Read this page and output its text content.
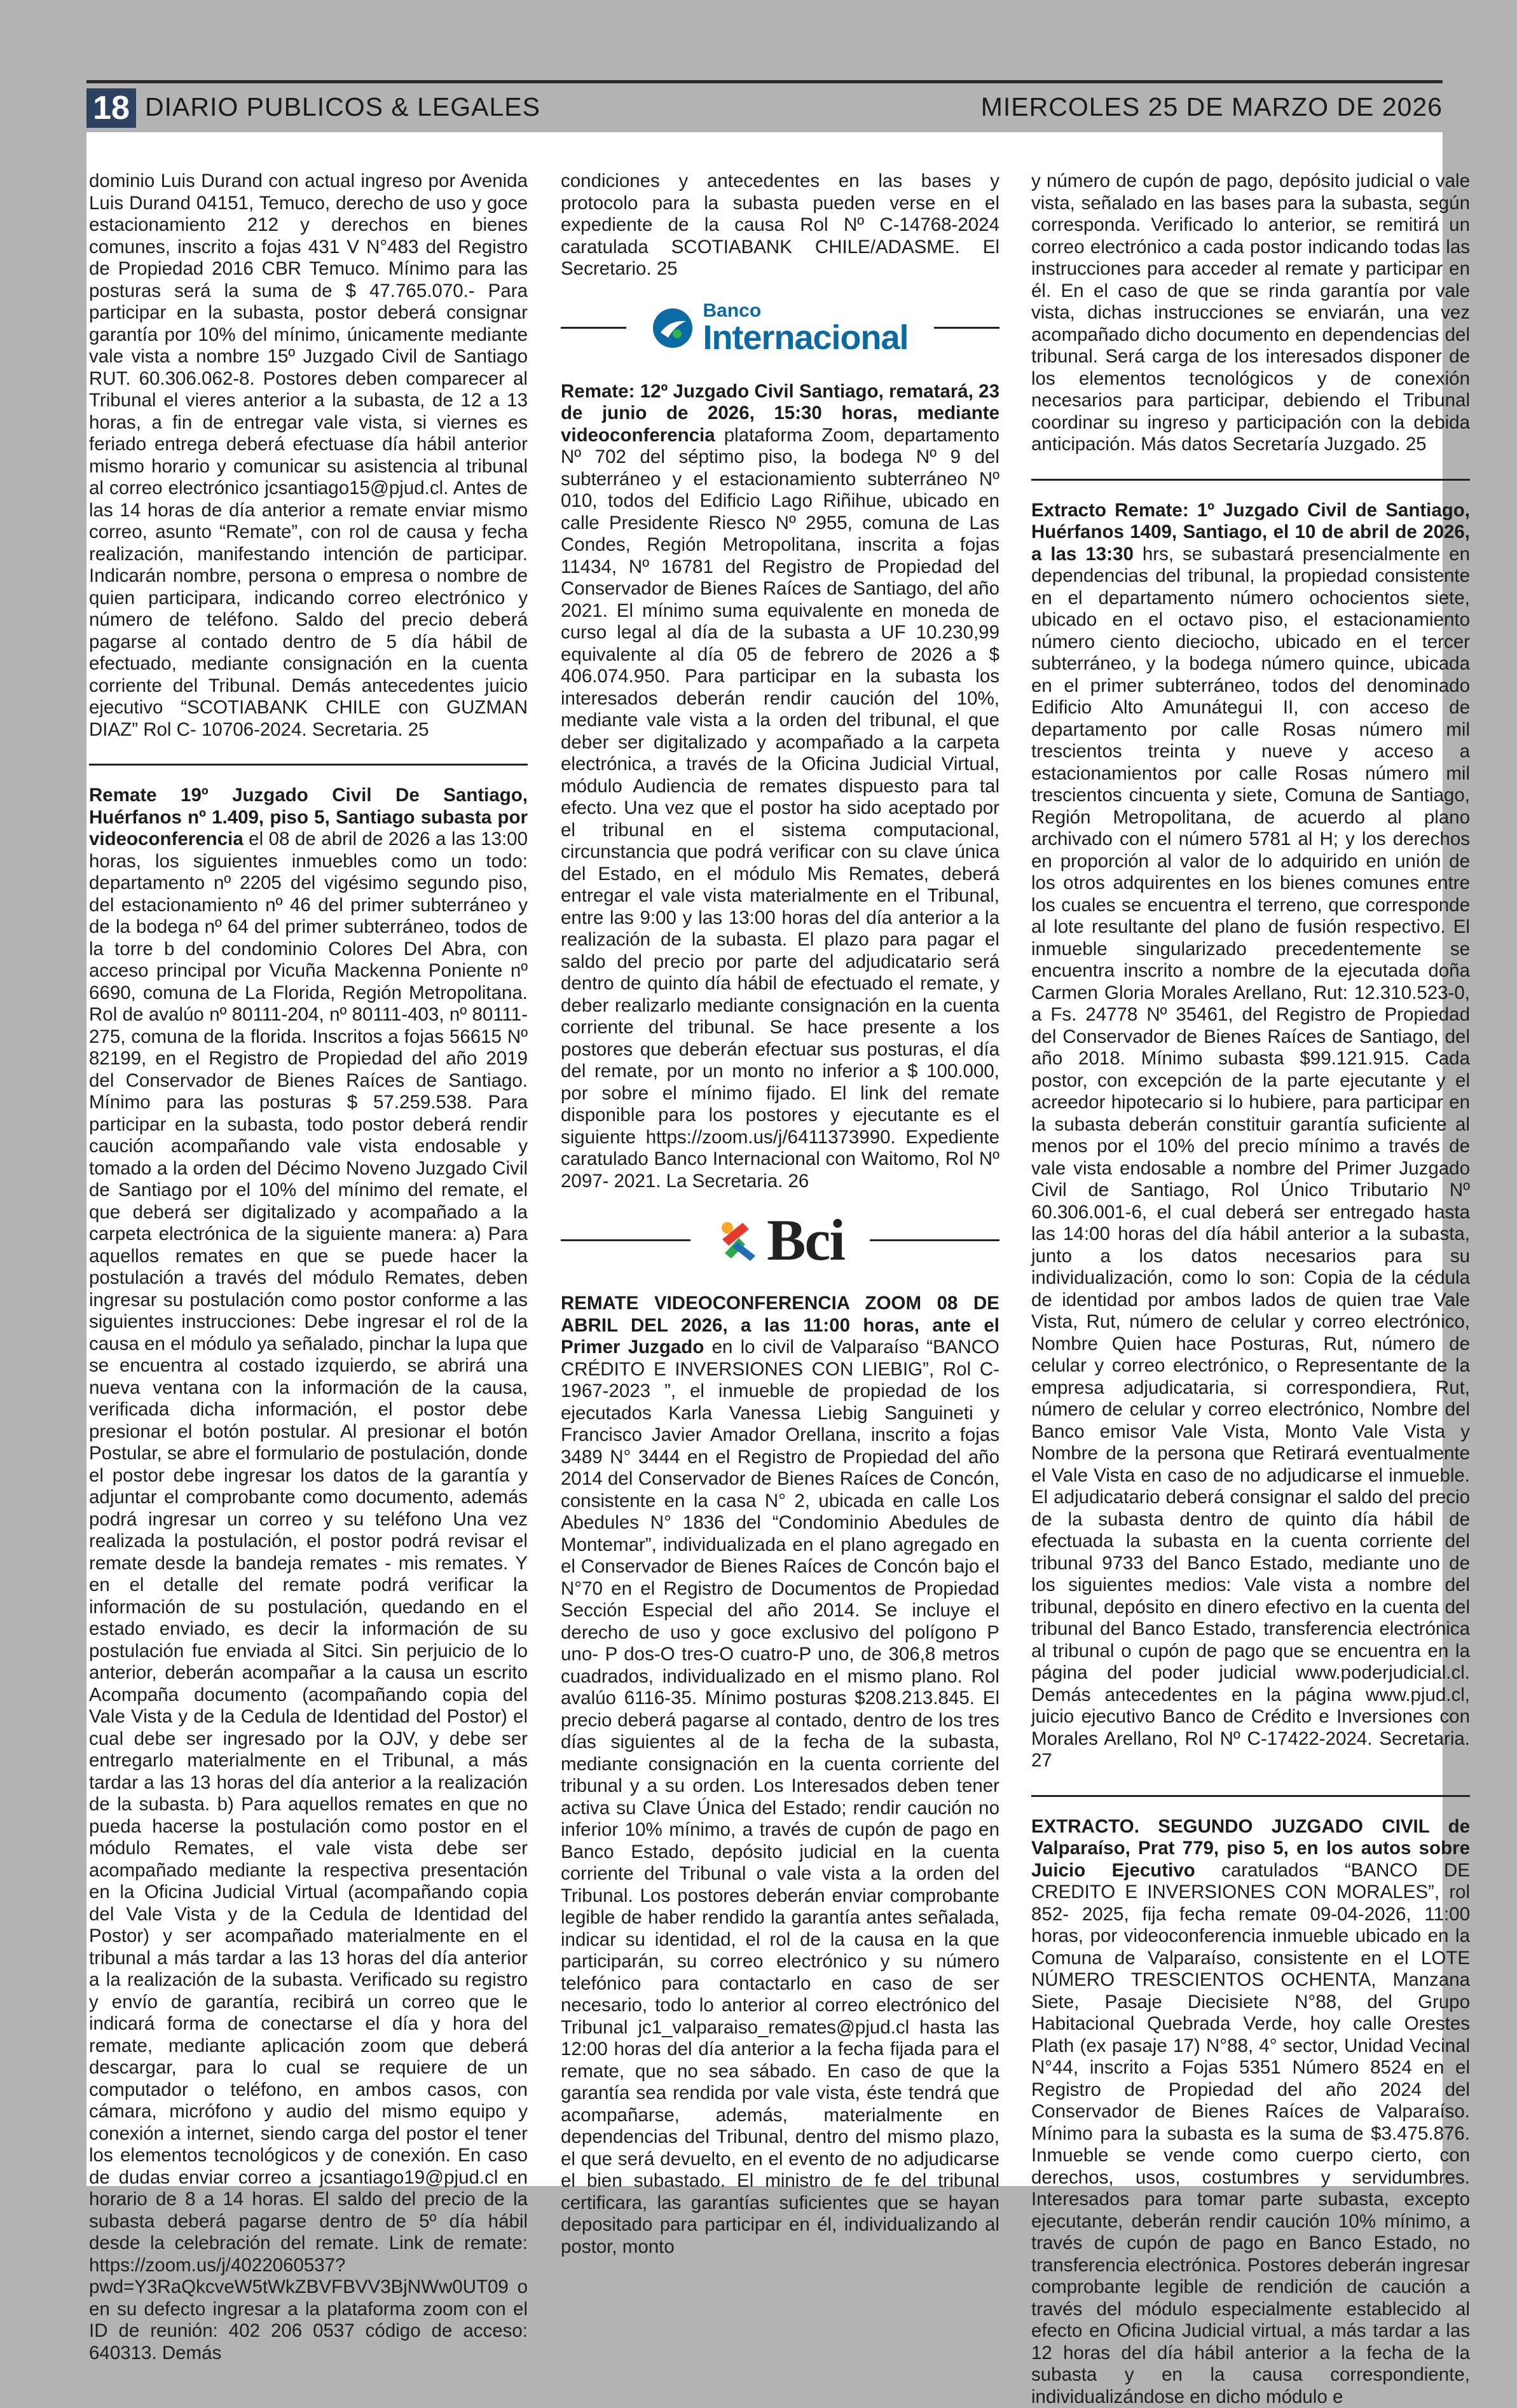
18 DIARIO PUBLICOS & LEGALES	MIERCOLES 25 DE MARZO DE 2026

dominio Luis Durand con actual ingreso por Avenida Luis Durand 04151, Temuco, derecho de uso y goce estacionamiento 212 y derechos en bienes comunes, inscrito a fojas 431 V N°483 del Registro de Propiedad 2016 CBR Temuco. Mínimo para las posturas será la suma de $ 47.765.070.- Para participar en la subasta, postor deberá consignar garantía por 10% del mínimo, únicamente mediante vale vista a nombre 15º Juzgado Civil de Santiago RUT. 60.306.062-8. Postores deben comparecer al Tribunal el vieres anterior a la subasta, de 12 a 13 horas, a fin de entregar vale vista, si viernes es feriado entrega deberá efectuase día hábil anterior mismo horario y comunicar su asistencia al tribunal al correo electrónico jcsantiago15@pjud.cl. Antes de las 14 horas de día anterior a remate enviar mismo correo, asunto “Remate”, con rol de causa y fecha realización, manifestando intención de participar. Indicarán nombre, persona o empresa o nombre de quien participara, indicando correo electrónico y número de teléfono. Saldo del precio deberá pagarse al contado dentro de 5 día hábil de efectuado, mediante consignación en la cuenta corriente del Tribunal. Demás antecedentes juicio ejecutivo “SCOTIABANK CHILE con GUZMAN DIAZ” Rol C- 10706-2024. Secretaria. 25

Remate 19º Juzgado Civil De Santiago, Huérfanos nº 1.409, piso 5, Santiago subasta por videoconferencia el 08 de abril de 2026 a las 13:00 horas, los siguientes inmuebles como un todo: departamento nº 2205 del vigésimo segundo piso, del estacionamiento nº 46 del primer subterráneo y de la bodega nº 64 del primer subterráneo, todos de la torre b del condominio Colores Del Abra, con acceso principal por Vicuña Mackenna Poniente nº 6690, comuna de La Florida, Región Metropolitana. Rol de avalúo nº 80111-204, nº 80111-403, nº 80111-275, comuna de la florida. Inscritos a fojas 56615 Nº 82199, en el Registro de Propiedad del año 2019 del Conservador de Bienes Raíces de Santiago. Mínimo para las posturas $ 57.259.538. Para participar en la subasta, todo postor deberá rendir caución acompañando vale vista endosable y tomado a la orden del Décimo Noveno Juzgado Civil de Santiago por el 10% del mínimo del remate, el que deberá ser digitalizado y acompañado a la carpeta electrónica de la siguiente manera: a) Para aquellos remates en que se puede hacer la postulación a través del módulo Remates, deben ingresar su postulación como postor conforme a las siguientes instrucciones: Debe ingresar el rol de la causa en el módulo ya señalado, pinchar la lupa que se encuentra al costado izquierdo, se abrirá una nueva ventana con la información de la causa, verificada dicha información, el postor debe presionar el botón postular. Al presionar el botón Postular, se abre el formulario de postulación, donde el postor debe ingresar los datos de la garantía y adjuntar el comprobante como documento, además podrá ingresar un correo y su teléfono Una vez realizada la postulación, el postor podrá revisar el remate desde la bandeja remates - mis remates. Y en el detalle del remate podrá verificar la información de su postulación, quedando en el estado enviado, es decir la información de su postulación fue enviada al Sitci. Sin perjuicio de lo anterior, deberán acompañar a la causa un escrito Acompaña documento (acompañando copia del Vale Vista y de la Cedula de Identidad del Postor) el cual debe ser ingresado por la OJV, y debe ser entregarlo materialmente en el Tribunal, a más tardar a las 13 horas del día anterior a la realización de la subasta. b) Para aquellos remates en que no pueda hacerse la postulación como postor en el módulo Remates, el vale vista debe ser acompañado mediante la respectiva presentación en la Oficina Judicial Virtual (acompañando copia del Vale Vista y de la Cedula de Identidad del Postor) y ser acompañado materialmente en el tribunal a más tardar a las 13 horas del día anterior a la realización de la subasta. Verificado su registro y envío de garantía, recibirá un correo que le indicará forma de conectarse el día y hora del remate, mediante aplicación zoom que deberá descargar, para lo cual se requiere de un computador o teléfono, en ambos casos, con cámara, micrófono y audio del mismo equipo y conexión a internet, siendo carga del postor el tener los elementos tecnológicos y de conexión. En caso de dudas enviar correo a jcsantiago19@pjud.cl en horario de 8 a 14 horas. El saldo del precio de la subasta deberá pagarse dentro de 5º día hábil desde la celebración del remate. Link de remate: https://zoom.us/j/4022060537?pwd=Y3RaQkcveW5tWkZBVFBVV3BjNWw0UT09 o en su defecto ingresar a la plataforma zoom con el ID de reunión: 402 206 0537 código de acceso: 640313. Demás

condiciones y antecedentes en las bases y protocolo para la subasta pueden verse en el expediente de la causa Rol Nº C-14768-2024 caratulada SCOTIABANK CHILE/ADASME. El Secretario. 25

Banco
Internacional

Remate: 12º Juzgado Civil Santiago, rematará, 23 de junio de 2026, 15:30 horas, mediante videoconferencia plataforma Zoom, departamento Nº 702 del séptimo piso, la bodega Nº 9 del subterráneo y el estacionamiento subterráneo Nº 010, todos del Edificio Lago Riñihue, ubicado en calle Presidente Riesco Nº 2955, comuna de Las Condes, Región Metropolitana, inscrita a fojas 11434, Nº 16781 del Registro de Propiedad del Conservador de Bienes Raíces de Santiago, del año 2021. El mínimo suma equivalente en moneda de curso legal al día de la subasta a UF 10.230,99 equivalente al día 05 de febrero de 2026 a $ 406.074.950. Para participar en la subasta los interesados deberán rendir caución del 10%, mediante vale vista a la orden del tribunal, el que deber ser digitalizado y acompañado a la carpeta electrónica, a través de la Oficina Judicial Virtual, módulo Audiencia de remates dispuesto para tal efecto. Una vez que el postor ha sido aceptado por el tribunal en el sistema computacional, circunstancia que podrá verificar con su clave única del Estado, en el módulo Mis Remates, deberá entregar el vale vista materialmente en el Tribunal, entre las 9:00 y las 13:00 horas del día anterior a la realización de la subasta. El plazo para pagar el saldo del precio por parte del adjudicatario será dentro de quinto día hábil de efectuado el remate, y deber realizarlo mediante consignación en la cuenta corriente del tribunal. Se hace presente a los postores que deberán efectuar sus posturas, el día del remate, por un monto no inferior a $ 100.000, por sobre el mínimo fijado. El link del remate disponible para los postores y ejecutante es el siguiente https://zoom.us/j/6411373990. Expediente caratulado Banco Internacional con Waitomo, Rol Nº 2097- 2021. La Secretaria. 26

Bci

REMATE VIDEOCONFERENCIA ZOOM 08 DE ABRIL DEL 2026, a las 11:00 horas, ante el Primer Juzgado en lo civil de Valparaíso “BANCO CRÉDITO E INVERSIONES CON LIEBIG”, Rol C-1967-2023 ”, el inmueble de propiedad de los ejecutados Karla Vanessa Liebig Sanguineti y Francisco Javier Amador Orellana, inscrito a fojas 3489 N° 3444 en el Registro de Propiedad del año 2014 del Conservador de Bienes Raíces de Concón, consistente en la casa N° 2, ubicada en calle Los Abedules N° 1836 del “Condominio Abedules de Montemar”, individualizada en el plano agregado en el Conservador de Bienes Raíces de Concón bajo el N°70 en el Registro de Documentos de Propiedad Sección Especial del año 2014. Se incluye el derecho de uso y goce exclusivo del polígono P uno- P dos-O tres-O cuatro-P uno, de 306,8 metros cuadrados, individualizado en el mismo plano. Rol avalúo 6116-35. Mínimo posturas $208.213.845. El precio deberá pagarse al contado, dentro de los tres días siguientes al de la fecha de la subasta, mediante consignación en la cuenta corriente del tribunal y a su orden. Los Interesados deben tener activa su Clave Única del Estado; rendir caución no inferior 10% mínimo, a través de cupón de pago en Banco Estado, depósito judicial en la cuenta corriente del Tribunal o vale vista a la orden del Tribunal. Los postores deberán enviar comprobante legible de haber rendido la garantía antes señalada, indicar su identidad, el rol de la causa en la que participarán, su correo electrónico y su número telefónico para contactarlo en caso de ser necesario, todo lo anterior al correo electrónico del Tribunal jc1_valparaiso_remates@pjud.cl hasta las 12:00 horas del día anterior a la fecha fijada para el remate, que no sea sábado. En caso de que la garantía sea rendida por vale vista, éste tendrá que acompañarse, además, materialmente en dependencias del Tribunal, dentro del mismo plazo, el que será devuelto, en el evento de no adjudicarse el bien subastado. El ministro de fe del tribunal certificara, las garantías suficientes que se hayan depositado para participar en él, individualizando al postor, monto

y número de cupón de pago, depósito judicial o vale vista, señalado en las bases para la subasta, según corresponda. Verificado lo anterior, se remitirá un correo electrónico a cada postor indicando todas las instrucciones para acceder al remate y participar en él. En el caso de que se rinda garantía por vale vista, dichas instrucciones se enviarán, una vez acompañado dicho documento en dependencias del tribunal. Será carga de los interesados disponer de los elementos tecnológicos y de conexión necesarios para participar, debiendo el Tribunal coordinar su ingreso y participación con la debida anticipación. Más datos Secretaría Juzgado. 25

Extracto Remate: 1º Juzgado Civil de Santiago, Huérfanos 1409, Santiago, el 10 de abril de 2026, a las 13:30 hrs, se subastará presencialmente en dependencias del tribunal, la propiedad consistente en el departamento número ochocientos siete, ubicado en el octavo piso, el estacionamiento número ciento dieciocho, ubicado en el tercer subterráneo, y la bodega número quince, ubicada en el primer subterráneo, todos del denominado Edificio Alto Amunátegui II, con acceso de departamento por calle Rosas número mil trescientos treinta y nueve y acceso a estacionamientos por calle Rosas número mil trescientos cincuenta y siete, Comuna de Santiago, Región Metropolitana, de acuerdo al plano archivado con el número 5781 al H; y los derechos en proporción al valor de lo adquirido en unión de los otros adquirentes en los bienes comunes entre los cuales se encuentra el terreno, que corresponde al lote resultante del plano de fusión respectivo. El inmueble singularizado precedentemente se encuentra inscrito a nombre de la ejecutada doña Carmen Gloria Morales Arellano, Rut: 12.310.523-0, a Fs. 24778 Nº 35461, del Registro de Propiedad del Conservador de Bienes Raíces de Santiago, del año 2018. Mínimo subasta $99.121.915. Cada postor, con excepción de la parte ejecutante y el acreedor hipotecario si lo hubiere, para participar en la subasta deberán constituir garantía suficiente al menos por el 10% del precio mínimo a través de vale vista endosable a nombre del Primer Juzgado Civil de Santiago, Rol Único Tributario Nº 60.306.001-6, el cual deberá ser entregado hasta las 14:00 horas del día hábil anterior a la subasta, junto a los datos necesarios para su individualización, como lo son: Copia de la cédula de identidad por ambos lados de quien trae Vale Vista, Rut, número de celular y correo electrónico, Nombre Quien hace Posturas, Rut, número de celular y correo electrónico, o Representante de la empresa adjudicataria, si correspondiera, Rut, número de celular y correo electrónico, Nombre del Banco emisor Vale Vista, Monto Vale Vista y Nombre de la persona que Retirará eventualmente el Vale Vista en caso de no adjudicarse el inmueble. El adjudicatario deberá consignar el saldo del precio de la subasta dentro de quinto día hábil de efectuada la subasta en la cuenta corriente del tribunal 9733 del Banco Estado, mediante uno de los siguientes medios: Vale vista a nombre del tribunal, depósito en dinero efectivo en la cuenta del tribunal del Banco Estado, transferencia electrónica al tribunal o cupón de pago que se encuentra en la página del poder judicial www.poderjudicial.cl. Demás antecedentes en la página www.pjud.cl, juicio ejecutivo Banco de Crédito e Inversiones con Morales Arellano, Rol Nº C-17422-2024. Secretaria. 27

EXTRACTO. SEGUNDO JUZGADO CIVIL de Valparaíso, Prat 779, piso 5, en los autos sobre Juicio Ejecutivo caratulados “BANCO DE CREDITO E INVERSIONES CON MORALES”, rol 852- 2025, fija fecha remate 09-04-2026, 11:00 horas, por videoconferencia inmueble ubicado en la Comuna de Valparaíso, consistente en el LOTE NÚMERO TRESCIENTOS OCHENTA, Manzana Siete, Pasaje Diecisiete N°88, del Grupo Habitacional Quebrada Verde, hoy calle Orestes Plath (ex pasaje 17) N°88, 4° sector, Unidad Vecinal N°44, inscrito a Fojas 5351 Número 8524 en el Registro de Propiedad del año 2024 del Conservador de Bienes Raíces de Valparaíso. Mínimo para la subasta es la suma de $3.475.876. Inmueble se vende como cuerpo cierto, con derechos, usos, costumbres y servidumbres. Interesados para tomar parte subasta, excepto ejecutante, deberán rendir caución 10% mínimo, a través de cupón de pago en Banco Estado, no transferencia electrónica. Postores deberán ingresar comprobante legible de rendición de caución a través del módulo especialmente establecido al efecto en Oficina Judicial virtual, a más tardar a las 12 horas del día hábil anterior a la fecha de la subasta y en la causa correspondiente, individualizándose en dicho módulo e
